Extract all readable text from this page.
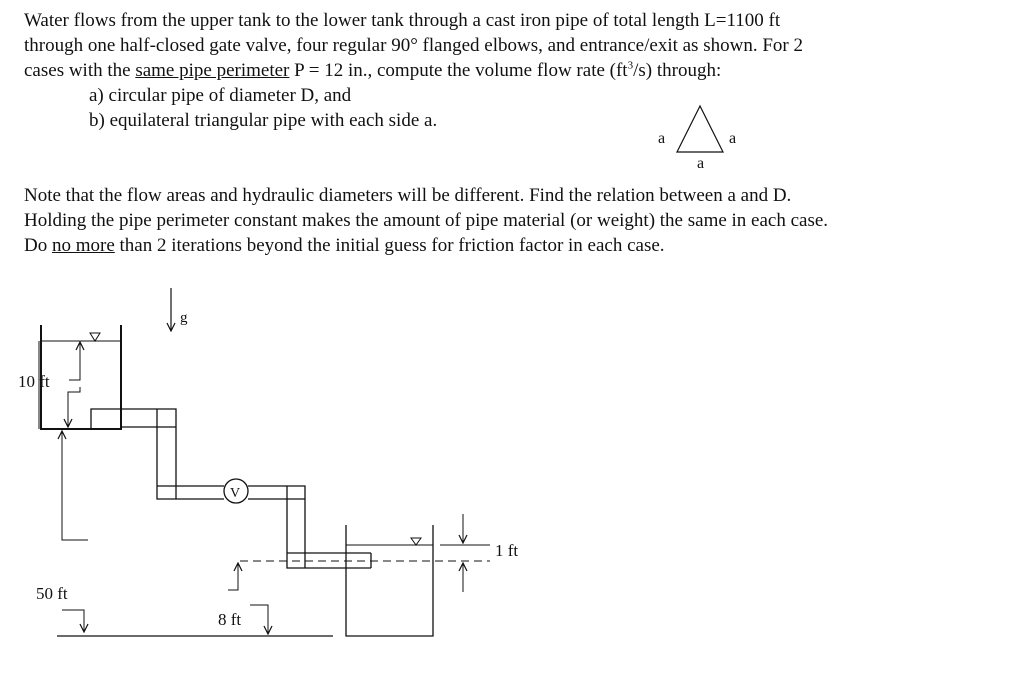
Water flows from the upper tank to the lower tank through a cast iron pipe of total length L=1100 ft

through one half-closed gate valve, four regular 90° flanged elbows, and entrance/exit as shown. For 2

cases with the same pipe perimeter P = 12 in., compute the volume flow rate $(ft^3/s)$ through:

a) circular pipe of diameter D, and
b) equilateral triangular pipe with each side a.

Note that the flow areas and hydraulic diameters will be different. Find the relation between a and D.

Holding the pipe perimeter constant makes the amount of pipe material (or weight) the same in each case.

Do no more than 2 iterations beyond the initial guess for friction factor in each case.

a	a
a
g
10 ft
V
1 ft
50 ft
8 ft
